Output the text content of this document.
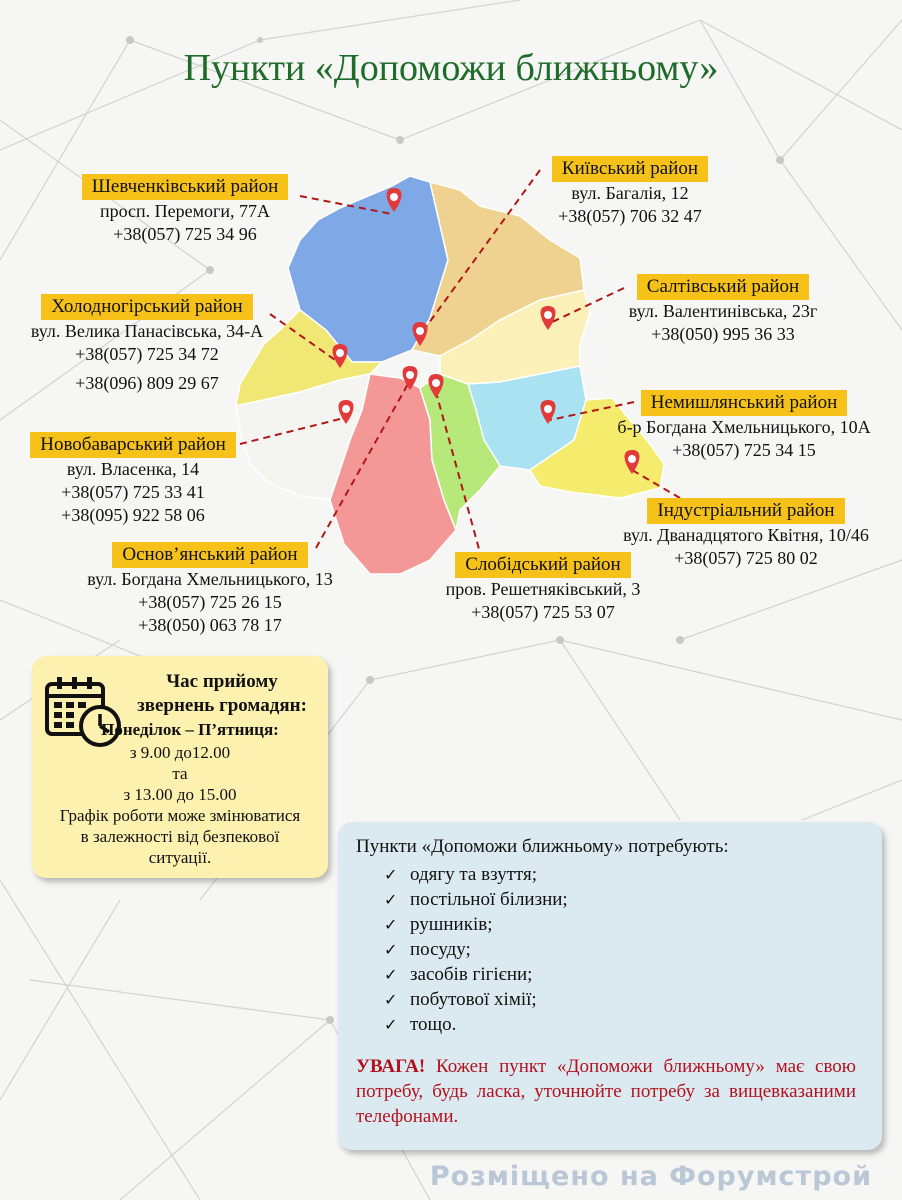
Пункти «Допоможи ближньому»
Шевченківський район
просп. Перемоги, 77А
+38(057) 725 34 96
Київський район
вул. Багалія, 12
+38(057) 706 32 47
Холодногірський район
вул. Велика Панасівська, 34-А
+38(057) 725 34 72
+38(096) 809 29 67
Салтівський район
вул. Валентинівська, 23г
+38(050) 995 36 33
Немишлянський район
б-р Богдана Хмельницького, 10А
+38(057) 725 34 15
Новобаварський район
вул. Власенка, 14
+38(057) 725 33 41
+38(095) 922 58 06	Індустріальний район
вул. Дванадцятого Квітня, 10/46
+38(057) 725 80 02
Основ’янський район
вул. Богдана Хмельницького, 13
+38(057) 725 26 15
+38(050) 063 78 17
Слобідський район
пров. Решетняківський, 3
+38(057) 725 53 07
Час прийому
звернень громадян:
Понеділок – П’ятниця:
з 9.00 до12.00
та
з 13.00 до 15.00
Графік роботи може змінюватися
в залежності від безпекової
ситуації.
Пункти «Допоможи ближньому» потребують:
✓ одягу та взуття;
✓ постільної білизни;
✓ рушників;
✓ посуду;
✓ засобів гігієни;
✓ побутової хімії;
✓ тощо.
УВАГА! Кожен пункт «Допоможи ближньому» має свою потребу, будь ласка, уточнюйте потребу за вищевказаними телефонами.
Розміщено на Форумстрой
